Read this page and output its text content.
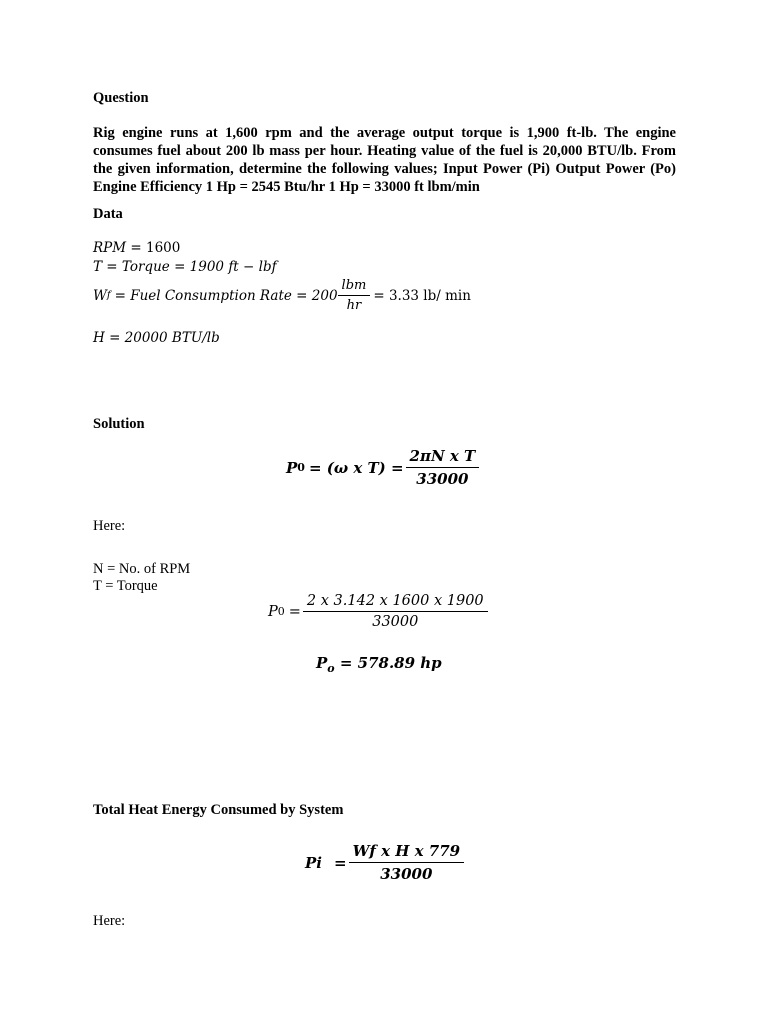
Question
Rig engine runs at 1,600 rpm and the average output torque is 1,900 ft-lb. The engine consumes fuel about 200 lb mass per hour. Heating value of the fuel is 20,000 BTU/lb. From the given information, determine the following values; Input Power (Pi) Output Power (Po) Engine Efficiency 1 Hp = 2545 Btu/hr 1 Hp = 33000 ft lbm/min
Data
RPM = 1600
T = Torque = 1900 ft − lbf
W f = Fuel Consumption Rate = $200 \frac{\text{lbm}}{hr} = 3.33$ lb/ min
H = 20000 BTU/lb
Solution
P 0 = (ω x $T) = \frac{\text{2πN x T}}{33000}$
Here:
N = No. of RPM
T = Torque
P $0 = \frac{2 x 3.142 x 1600 x 1900}{33000}$
$P_o = 578.89$ hp
Total Heat Energy Consumed by System
$Pi = \frac{\text{Wf x H x 779}}{33000}$
Here:
